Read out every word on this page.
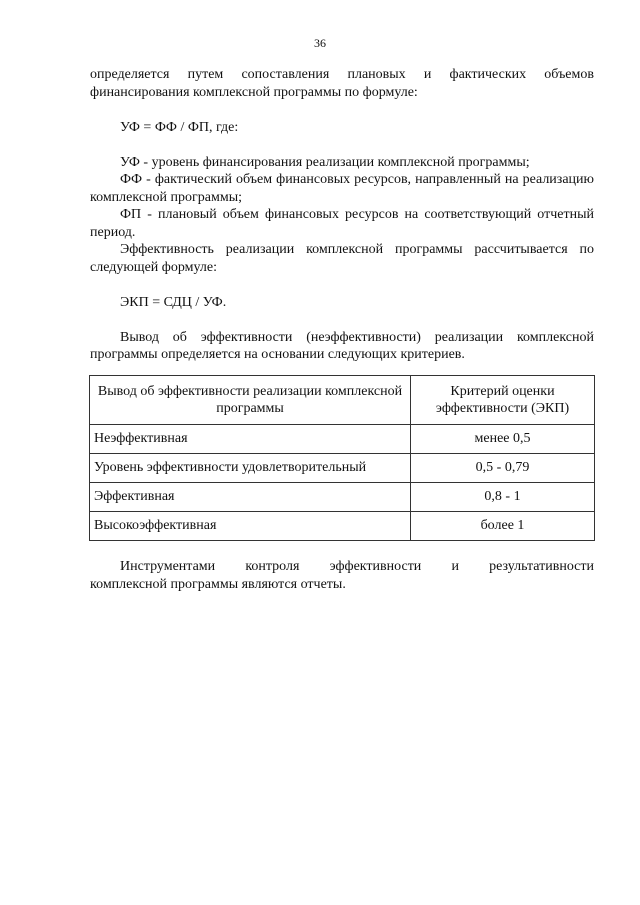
36

определяется путем сопоставления плановых и фактических объемов финансирования комплексной программы по формуле:

УФ = ФФ / ФП, где:

УФ - уровень финансирования реализации комплексной программы;

ФФ - фактический объем финансовых ресурсов, направленный на реализацию комплексной программы;

ФП - плановый объем финансовых ресурсов на соответствующий отчетный период.

Эффективность реализации комплексной программы рассчитывается по следующей формуле:

ЭКП = СДЦ / УФ.

Вывод об эффективности (неэффективности) реализации комплексной программы определяется на основании следующих критериев.

Вывод об эффективности реализации комплексной программы	Критерий оценки эффективности (ЭКП)
Неэффективная	менее 0,5
Уровень эффективности удовлетворительный	0,5 - 0,79
Эффективная	0,8 - 1
Высокоэффективная	более 1
Инструментами контроля эффективности и результативности

комплексной программы являются отчеты.
